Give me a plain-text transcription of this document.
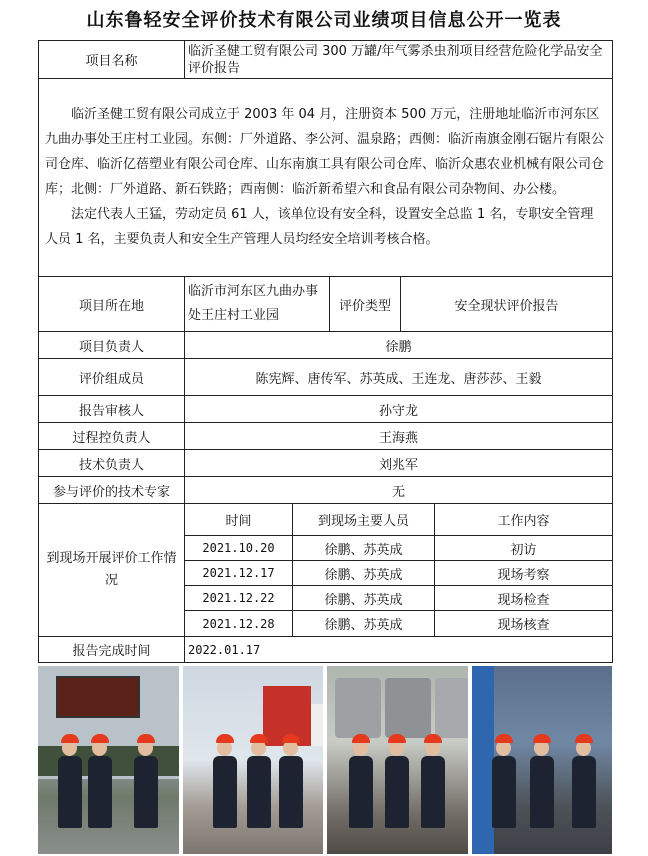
山东鲁轻安全评价技术有限公司业绩项目信息公开一览表
项目名称	临沂圣健工贸有限公司 300 万罐/年气雾杀虫剂项目经营危险化学品安全评价报告				

临沂圣健工贸有限公司成立于 2003 年 04 月，注册资本 500 万元，注册地址临沂市河东区九曲办事处王庄村工业园。东侧：厂外道路、李公河、温泉路；西侧：临沂南旗金刚石锯片有限公司仓库、临沂亿蓓塑业有限公司仓库、山东南旗工具有限公司仓库、临沂众惠农业机械有限公司仓库；北侧：厂外道路、新石铁路；西南侧：临沂新希望六和食品有限公司杂物间、办公楼。

法定代表人王猛，劳动定员 61 人，该单位设有安全科，设置安全总监 1 名，专职安全管理人员 1 名，主要负责人和安全生产管理人员均经安全培训考核合格。					

项目所在地	临沂市河东区九曲办事处王庄村工业园		评价类型	安全现状评价报告	
项目负责人	徐鹏				
评价组成员	陈宪辉、唐传军、苏英成、王连龙、唐莎莎、王毅				
报告审核人	孙守龙				
过程控负责人	王海燕				
技术负责人	刘兆军				
参与评价的技术专家	无				
到现场开展评价工作情况	时间	到现场主要人员			工作内容
	2021.10.20	徐鹏、苏英成			初访
	2021.12.17	徐鹏、苏英成			现场考察
	2021.12.22	徐鹏、苏英成			现场检查
	2021.12.28	徐鹏、苏英成			现场核查
报告完成时间	2022.01.17				
